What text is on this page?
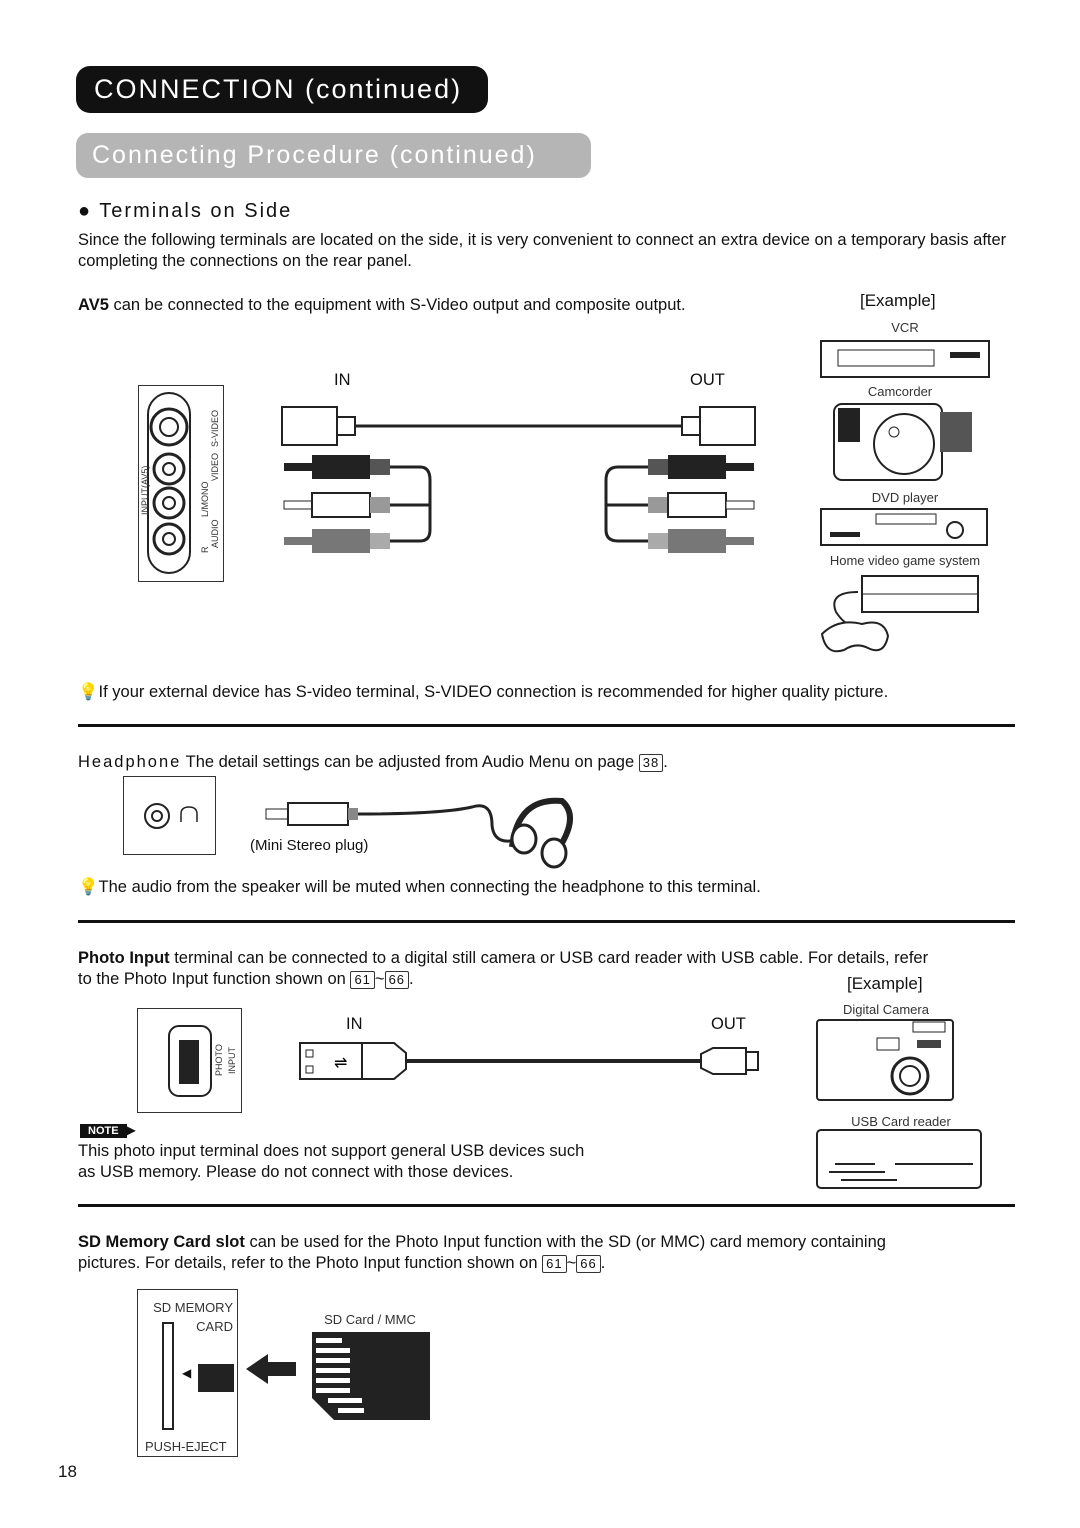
CONNECTION (continued)
Connecting Procedure (continued)
● Terminals on Side
Since the following terminals are located on the side, it is very convenient to connect an extra device on a temporary basis after completing the connections on the rear panel.
AV5 can be connected to the equipment with S-Video output and composite output.	[Example]
IN	OUT
INPUT(AV5)
S-VIDEO
VIDEO
L/MONO
AUDIO
R
VCR
Camcorder
DVD player
Home video game system
💡If your external device has S-video terminal, S-VIDEO connection is recommended for higher quality picture.
Headphone The detail settings can be adjusted from Audio Menu on page 38 .
(Mini Stereo plug)
💡The audio from the speaker will be muted when connecting the headphone to this terminal.
Photo Input terminal can be connected to a digital still camera or USB card reader with USB cable. For details, refer
to the Photo Input function shown on 61 ~ 66 .	[Example]
IN	OUT
PHOTO INPUT	⇌
Digital Camera
USB Card reader
NOTE ▶
This photo input terminal does not support general USB devices such
as USB memory. Please do not connect with those devices.
SD Memory Card slot can be used for the Photo Input function with the SD (or MMC) card memory containing
pictures. For details, refer to the Photo Input function shown on 61 ~ 66 .
SD MEMORY
CARD
◀
PUSH-EJECT
SD Card / MMC
18
